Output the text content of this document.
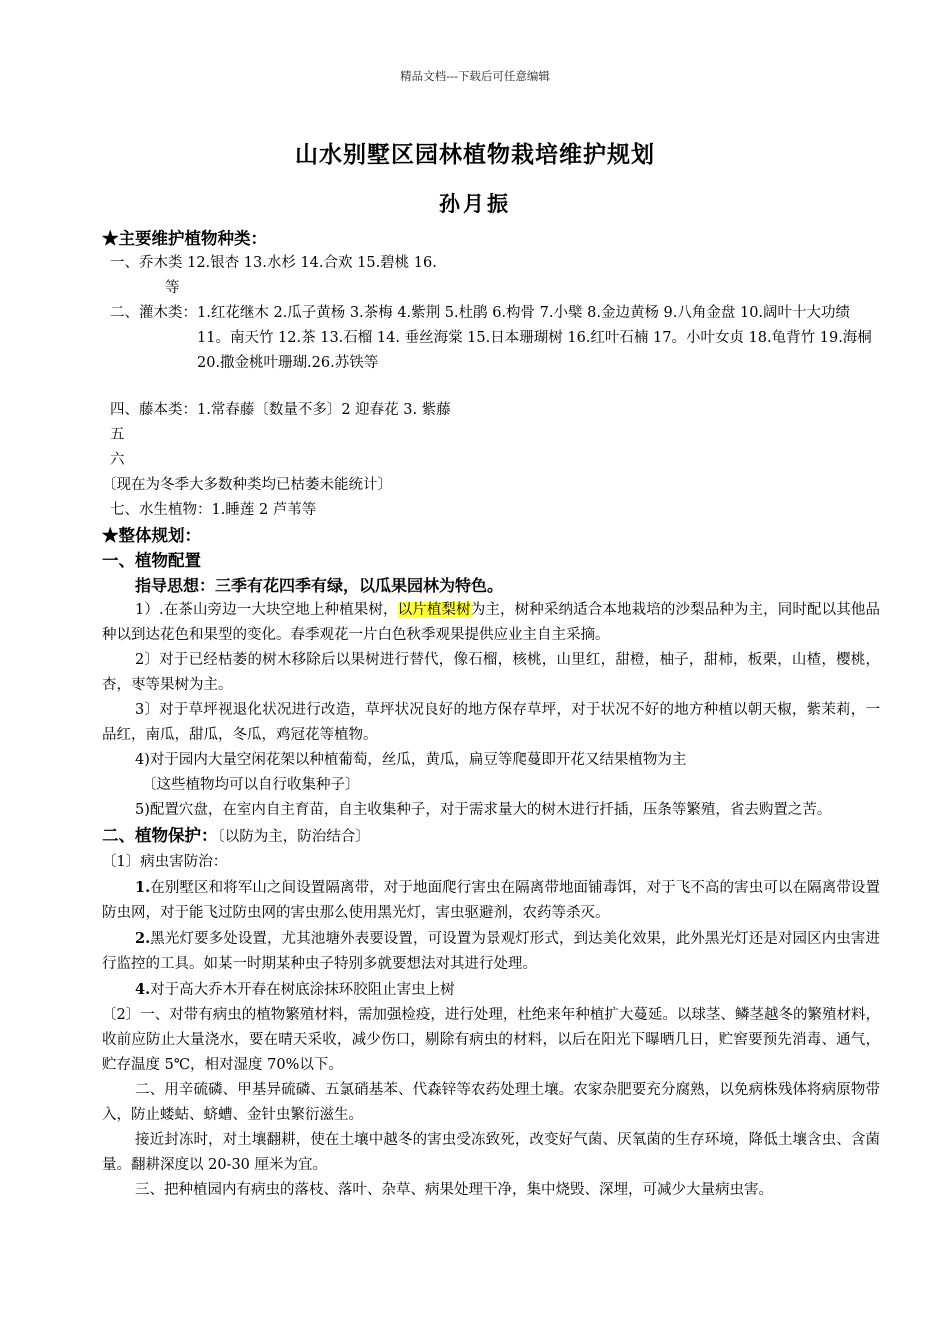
精品文档---下载后可任意编辑
山水别墅区园林植物栽培维护规划
孙月振
★主要维护植物种类：
一、乔木类 12.银杏 13.水杉 14.合欢 15.碧桃 16.
等
二、灌木类： 1.红花继木 2.瓜子黄杨 3.茶梅 4.紫荆 5.杜鹃 6.构骨 7.小檗 8.金边黄杨 9.八角金盘 10.阔叶十大功绩 11。南天竹 12.茶 13.石榴 14. 垂丝海棠 15.日本珊瑚树 16.红叶石楠 17。小叶女贞 18.龟背竹 19.海桐 20.撒金桃叶珊瑚.26.苏铁等
四、藤本类：1.常春藤〔数量不多〕2 迎春花 3. 紫藤
五
六
〔现在为冬季大多数种类均已枯萎未能统计〕
七、水生植物：1.睡莲 2 芦苇等
★整体规划：
一、植物配置
指导思想：三季有花四季有绿，以瓜果园林为特色。

1）.在茶山旁边一大块空地上种植果树，以片植梨树为主，树种采纳适合本地栽培的沙梨品种为主，同时配以其他品种以到达花色和果型的变化。春季观花一片白色秋季观果提供应业主自主采摘。

2〕对于已经枯萎的树木移除后以果树进行替代，像石榴，核桃，山里红，甜橙，柚子，甜柿，板栗，山楂，樱桃，杏，枣等果树为主。

3〕对于草坪视退化状况进行改造，草坪状况良好的地方保存草坪，对于状况不好的地方种植以朝天椒，紫茉莉，一品红，南瓜，甜瓜，冬瓜，鸡冠花等植物。

4)对于园内大量空闲花架以种植葡萄，丝瓜，黄瓜，扁豆等爬蔓即开花又结果植物为主

〔这些植物均可以自行收集种子〕

5)配置穴盘，在室内自主育苗，自主收集种子，对于需求量大的树木进行扦插，压条等繁殖，省去购置之苦。

二、植物保护：〔以防为主，防治结合〕
〔1〕病虫害防治：

1.在别墅区和将军山之间设置隔离带，对于地面爬行害虫在隔离带地面铺毒饵，对于飞不高的害虫可以在隔离带设置防虫网，对于能飞过防虫网的害虫那么使用黑光灯，害虫驱避剂，农药等杀灭。

2.黑光灯要多处设置，尤其池塘外表要设置，可设置为景观灯形式，到达美化效果，此外黑光灯还是对园区内虫害进行监控的工具。如某一时期某种虫子特别多就要想法对其进行处理。

4.对于高大乔木开春在树底涂抹环胶阻止害虫上树

〔2〕一、对带有病虫的植物繁殖材料，需加强检疫，进行处理，杜绝来年种植扩大蔓延。以球茎、鳞茎越冬的繁殖材料，收前应防止大量浇水，要在晴天采收，减少伤口，剔除有病虫的材料，以后在阳光下曝晒几日，贮窖要预先消毒、通气，贮存温度 5℃，相对湿度 70%以下。

二、用辛硫磷、甲基异硫磷、五氯硝基苯、代森锌等农药处理土壤。农家杂肥要充分腐熟，以免病株残体将病原物带入，防止蝼蛄、蛴螬、金针虫繁衍滋生。

接近封冻时，对土壤翻耕，使在土壤中越冬的害虫受冻致死，改变好气菌、厌氧菌的生存环境，降低土壤含虫、含菌量。翻耕深度以 20-30 厘米为宜。

三、把种植园内有病虫的落枝、落叶、杂草、病果处理干净，集中烧毁、深埋，可减少大量病虫害。
